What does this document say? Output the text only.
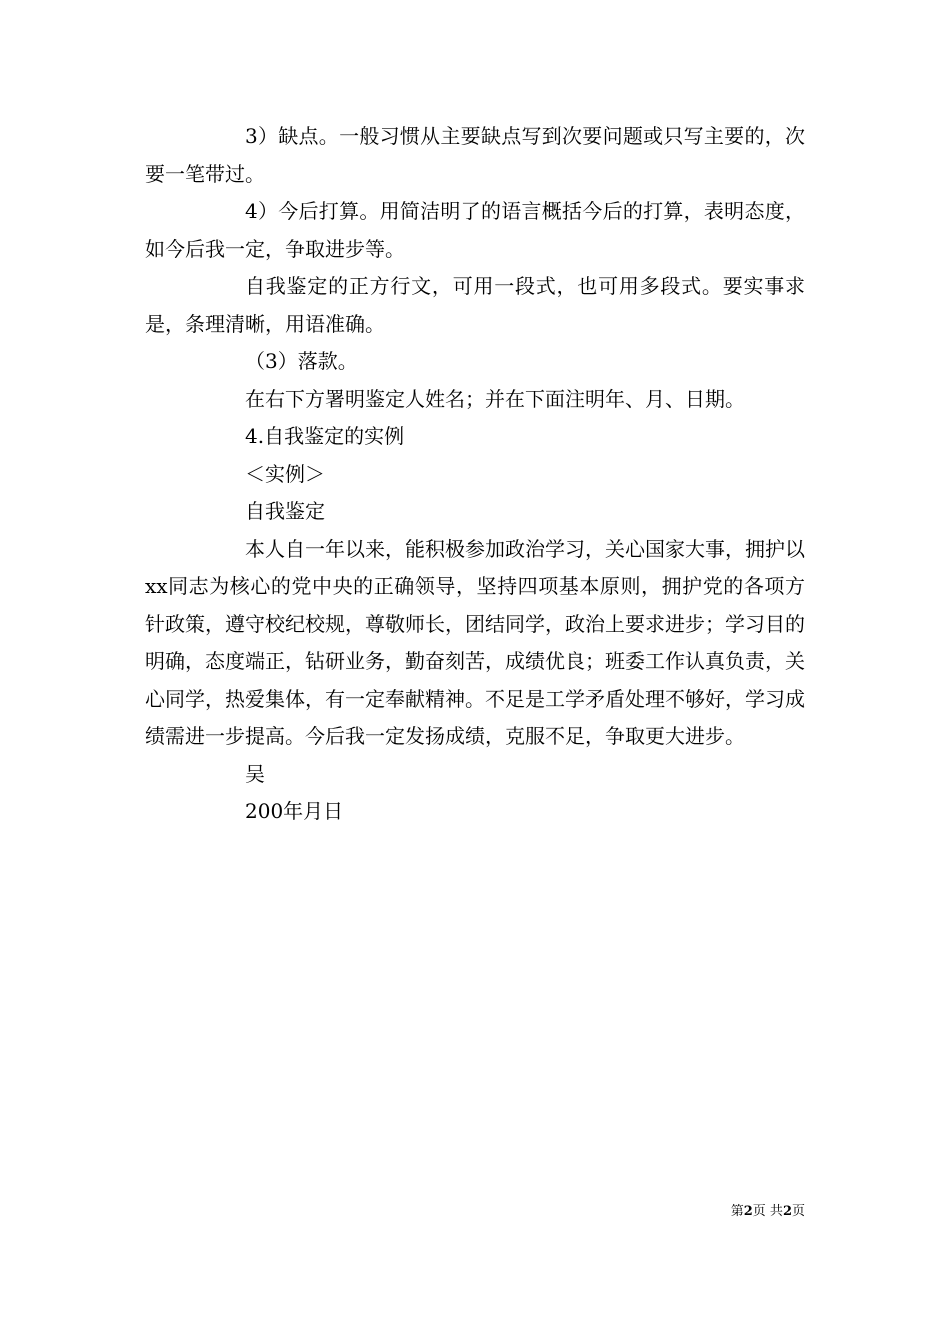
3）缺点。一般习惯从主要缺点写到次要问题或只写主要的，次要一笔带过。

4）今后打算。用简洁明了的语言概括今后的打算，表明态度，如今后我一定，争取进步等。

自我鉴定的正方行文，可用一段式，也可用多段式。要实事求是，条理清晰，用语准确。

（3）落款。

在右下方署明鉴定人姓名；并在下面注明年、月、日期。

4.自我鉴定的实例

＜实例＞

自我鉴定

本人自一年以来，能积极参加政治学习，关心国家大事，拥护以xx同志为核心的党中央的正确领导，坚持四项基本原则，拥护党的各项方针政策，遵守校纪校规，尊敬师长，团结同学，政治上要求进步；学习目的明确，态度端正，钻研业务，勤奋刻苦，成绩优良；班委工作认真负责，关心同学，热爱集体，有一定奉献精神。不足是工学矛盾处理不够好，学习成绩需进一步提高。今后我一定发扬成绩，克服不足，争取更大进步。

吴

200年月日

第2页 共2页
